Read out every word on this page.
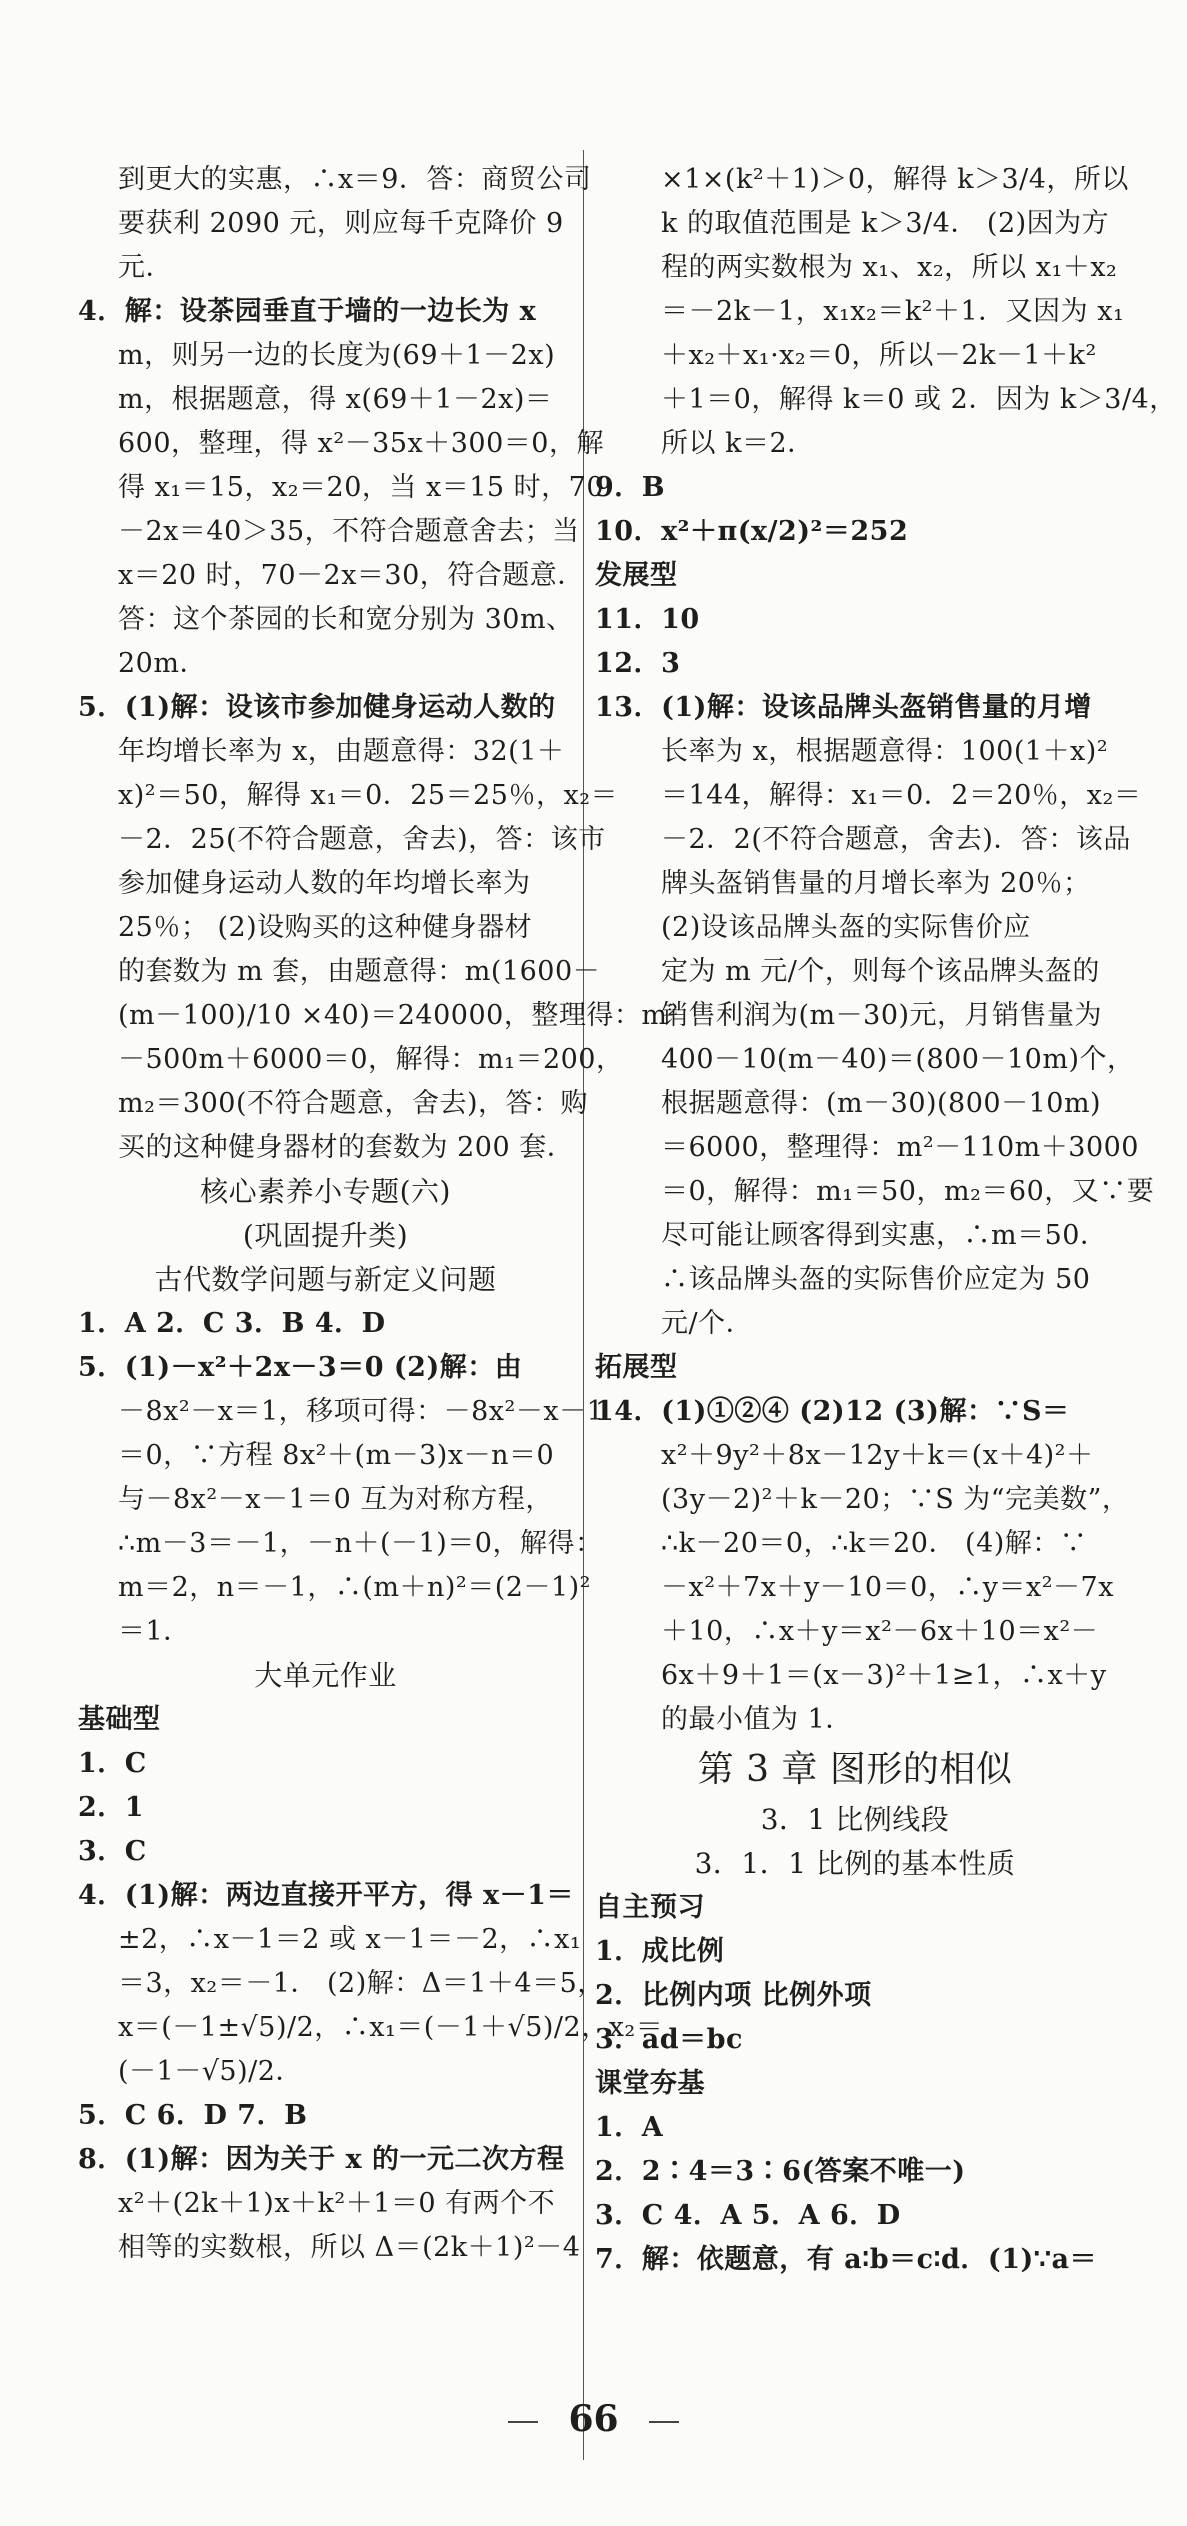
到更大的实惠，∴x＝9．答：商贸公司
要获利 2090 元，则应每千克降价 9
元．
4．解：设茶园垂直于墙的一边长为 x
m，则另一边的长度为(69＋1－2x)
m，根据题意，得 x(69＋1－2x)＝
600，整理，得 x²－35x＋300＝0，解
得 x₁＝15，x₂＝20，当 x＝15 时，70
－2x＝40＞35，不符合题意舍去；当
x＝20 时，70－2x＝30，符合题意．
答：这个茶园的长和宽分别为 30m、
20m．
5．(1)解：设该市参加健身运动人数的
年均增长率为 x，由题意得：32(1＋
x)²＝50，解得 x₁＝0．25＝25％，x₂＝
－2．25(不符合题意，舍去)，答：该市
参加健身运动人数的年均增长率为
25％； (2)设购买的这种健身器材
的套数为 m 套，由题意得：m(1600－
(m－100)/10 ×40)＝240000，整理得：m²
－500m＋6000＝0，解得：m₁＝200，
m₂＝300(不符合题意，舍去)，答：购
买的这种健身器材的套数为 200 套．
核心素养小专题(六)
(巩固提升类)
古代数学问题与新定义问题
1．A 2．C 3．B 4．D
5．(1)－x²＋2x－3＝0 (2)解：由
－8x²－x＝1，移项可得：－8x²－x－1
＝0，∵方程 8x²＋(m－3)x－n＝0
与－8x²－x－1＝0 互为对称方程，
∴m－3＝－1，－n＋(－1)＝0，解得：
m＝2，n＝－1，∴(m＋n)²＝(2－1)²
＝1．
大单元作业
基础型
1．C
2．1
3．C
4．(1)解：两边直接开平方，得 x－1＝
±2，∴x－1＝2 或 x－1＝－2，∴x₁
＝3，x₂＝－1． (2)解：Δ＝1＋4＝5，
x＝(－1±√5)/2，∴x₁＝(－1＋√5)/2，x₂＝
(－1－√5)/2．
5．C 6．D 7．B
8．(1)解：因为关于 x 的一元二次方程
x²＋(2k＋1)x＋k²＋1＝0 有两个不
相等的实数根，所以 Δ＝(2k＋1)²－4
×1×(k²＋1)＞0，解得 k＞3/4，所以
k 的取值范围是 k＞3/4． (2)因为方
程的两实数根为 x₁、x₂，所以 x₁＋x₂
＝－2k－1，x₁x₂＝k²＋1．又因为 x₁
＋x₂＋x₁·x₂＝0，所以－2k－1＋k²
＋1＝0，解得 k＝0 或 2．因为 k＞3/4，
所以 k＝2．
9．B
10．x²＋π(x/2)²＝252
发展型
11．10
12．3
13．(1)解：设该品牌头盔销售量的月增
长率为 x，根据题意得：100(1＋x)²
＝144，解得：x₁＝0．2＝20％，x₂＝
－2．2(不符合题意，舍去)．答：该品
牌头盔销售量的月增长率为 20％；
(2)设该品牌头盔的实际售价应
定为 m 元/个，则每个该品牌头盔的
销售利润为(m－30)元，月销售量为
400－10(m－40)＝(800－10m)个，
根据题意得：(m－30)(800－10m)
＝6000，整理得：m²－110m＋3000
＝0，解得：m₁＝50，m₂＝60，又∵要
尽可能让顾客得到实惠，∴m＝50．
∴该品牌头盔的实际售价应定为 50
元/个．
拓展型
14．(1)①②④ (2)12 (3)解：∵S＝
x²＋9y²＋8x－12y＋k＝(x＋4)²＋
(3y－2)²＋k－20；∵S 为“完美数”，
∴k－20＝0，∴k＝20． (4)解：∵
－x²＋7x＋y－10＝0，∴y＝x²－7x
＋10，∴x＋y＝x²－6x＋10＝x²－
6x＋9＋1＝(x－3)²＋1≥1，∴x＋y
的最小值为 1．
第 3 章 图形的相似
3．1 比例线段
3．1．1 比例的基本性质
自主预习
1．成比例
2．比例内项 比例外项
3．ad＝bc
课堂夯基
1．A
2．2∶4＝3∶6(答案不唯一)
3．C 4．A 5．A 6．D
7．解：依题意，有 a∶b＝c∶d．(1)∵a＝
66
